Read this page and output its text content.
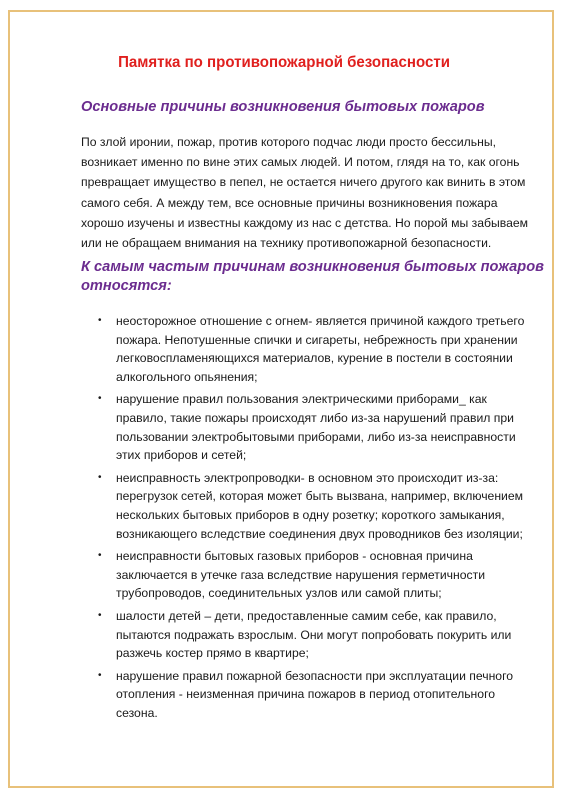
Памятка по противопожарной безопасности
Основные причины возникновения бытовых пожаров

По злой иронии, пожар, против которого подчас люди просто бессильны,
возникает именно по вине этих самых людей. И потом, глядя на то, как огонь
превращает имущество в пепел, не остается ничего другого как винить в этом
самого себя. А между тем, все основные причины возникновения пожара
хорошо изучены и известны каждому из нас с детства. Но порой мы забываем
или не обращаем внимания на технику противопожарной безопасности.

К самым частым причинам возникновения бытовых пожаров
относятся:
• неосторожное отношение с огнем- является причиной каждого третьего
пожара. Непотушенные спички и сигареты, небрежность при хранении
легковоспламеняющихся материалов, курение в постели в состоянии
алкогольного опьянения;
• нарушение правил пользования электрическими приборами_ как
правило, такие пожары происходят либо из-за нарушений правил при
пользовании электробытовыми приборами, либо из-за неисправности
этих приборов и сетей;
• неисправность электропроводки- в основном это происходит из-за:
перегрузок сетей, которая может быть вызвана, например, включением
нескольких бытовых приборов в одну розетку; короткого замыкания,
возникающего вследствие соединения двух проводников без изоляции;
• неисправности бытовых газовых приборов - основная причина
заключается в утечке газа вследствие нарушения герметичности
трубопроводов, соединительных узлов или самой плиты;
• шалости детей – дети, предоставленные самим себе, как правило,
пытаются подражать взрослым. Они могут попробовать покурить или
разжечь костер прямо в квартире;
• нарушение правил пожарной безопасности при эксплуатации печного
отопления - неизменная причина пожаров в период отопительного
сезона.
